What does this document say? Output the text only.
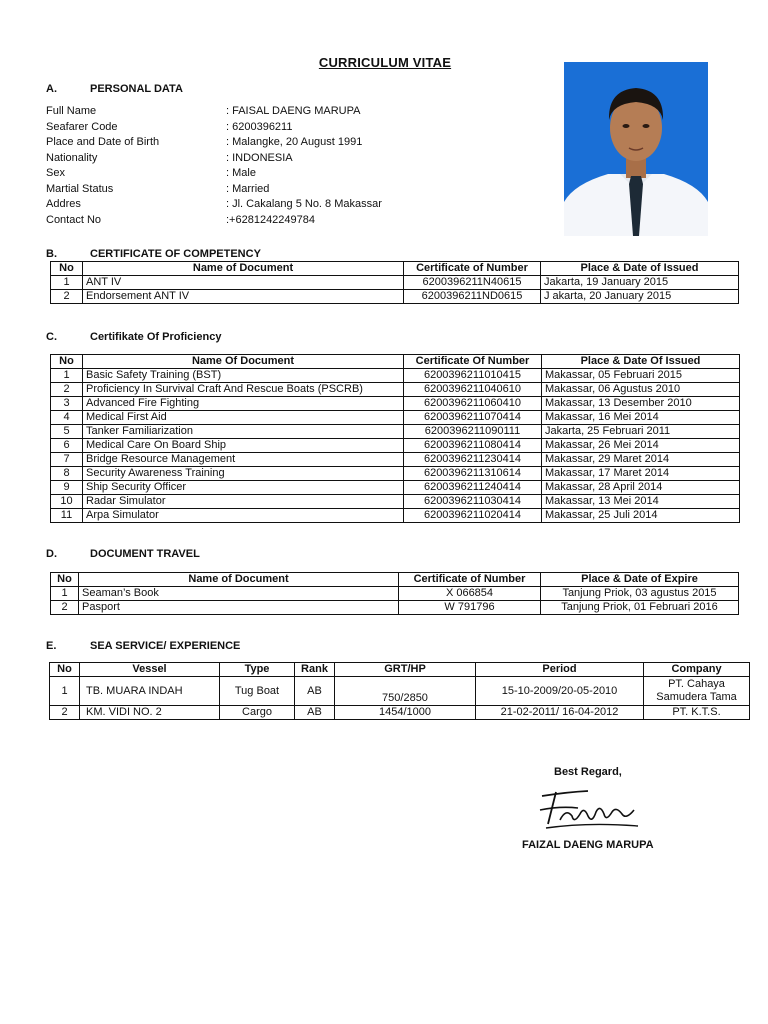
CURRICULUM VITAE
A.	PERSONAL DATA
Full Name	: FAISAL DAENG MARUPA
Seafarer Code	: 6200396211
Place and Date of Birth	: Malangke, 20 August 1991
Nationality	: INDONESIA
Sex	: Male
Martial Status	: Married
Addres	: Jl. Cakalang 5 No. 8 Makassar
Contact No	:+6281242249784
B.	CERTIFICATE OF COMPETENCY
No	Name of Document	Certificate of Number	Place & Date of Issued
1	ANT IV	6200396211N40615	Jakarta, 19 January 2015
2	Endorsement ANT IV	6200396211ND0615	J akarta, 20 January 2015
C.	Certifikate Of Proficiency
No	Name Of Document	Certificate Of Number	Place & Date Of Issued
1	Basic Safety Training (BST)	6200396211010415	Makassar, 05 Februari 2015
2	Proficiency In Survival Craft And Rescue Boats (PSCRB)	6200396211040610	Makassar, 06 Agustus 2010
3	Advanced Fire Fighting	6200396211060410	Makassar, 13 Desember 2010
4	Medical First Aid	6200396211070414	Makassar, 16 Mei 2014
5	Tanker Familiarization	6200396211090111	Jakarta, 25 Februari 2011
6	Medical Care On Board Ship	6200396211080414	Makassar, 26 Mei 2014
7	Bridge Resource Management	6200396211230414	Makassar, 29 Maret 2014
8	Security Awareness Training	6200396211310614	Makassar, 17 Maret 2014
9	Ship Security Officer	6200396211240414	Makassar, 28 April 2014
10	Radar Simulator	6200396211030414	Makassar, 13 Mei 2014
11	Arpa Simulator	6200396211020414	Makassar, 25 Juli 2014
D.	DOCUMENT TRAVEL
No	Name of Document	Certificate of Number	Place & Date of Expire
1	Seaman’s Book	X 066854	Tanjung Priok, 03 agustus 2015
2	Pasport	W 791796	Tanjung Priok, 01 Februari 2016
E.	SEA SERVICE/ EXPERIENCE
No	Vessel	Type	Rank	GRT/HP	Period	Company
1	TB. MUARA INDAH	Tug Boat	AB	750/2850	15-10-2009/20-05-2010	PT. Cahaya Samudera Tama
2	KM. VIDI NO. 2	Cargo	AB	1454/1000	21-02-2011/ 16-04-2012	PT. K.T.S.
Best Regard,
FAIZAL DAENG MARUPA
